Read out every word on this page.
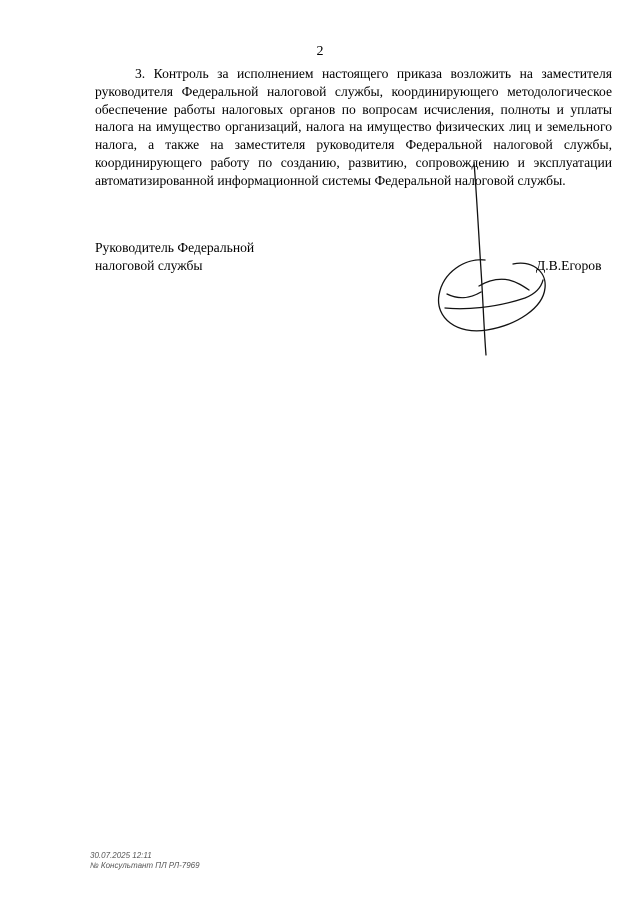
2

3. Контроль за исполнением настоящего приказа возложить на заместителя руководителя Федеральной налоговой службы, координирующего методологическое обеспечение работы налоговых органов по вопросам исчисления, полноты и уплаты налога на имущество организаций, налога на имущество физических лиц и земельного налога, а также на заместителя руководителя Федеральной налоговой службы, координирующего работу по созданию, развитию, сопровождению и эксплуатации автоматизированной информационной системы Федеральной налоговой службы.

Руководитель Федеральной
налоговой службы	Д.В.Егоров
30.07.2025 12:11
№ Консультант ПЛ РЛ-7969
